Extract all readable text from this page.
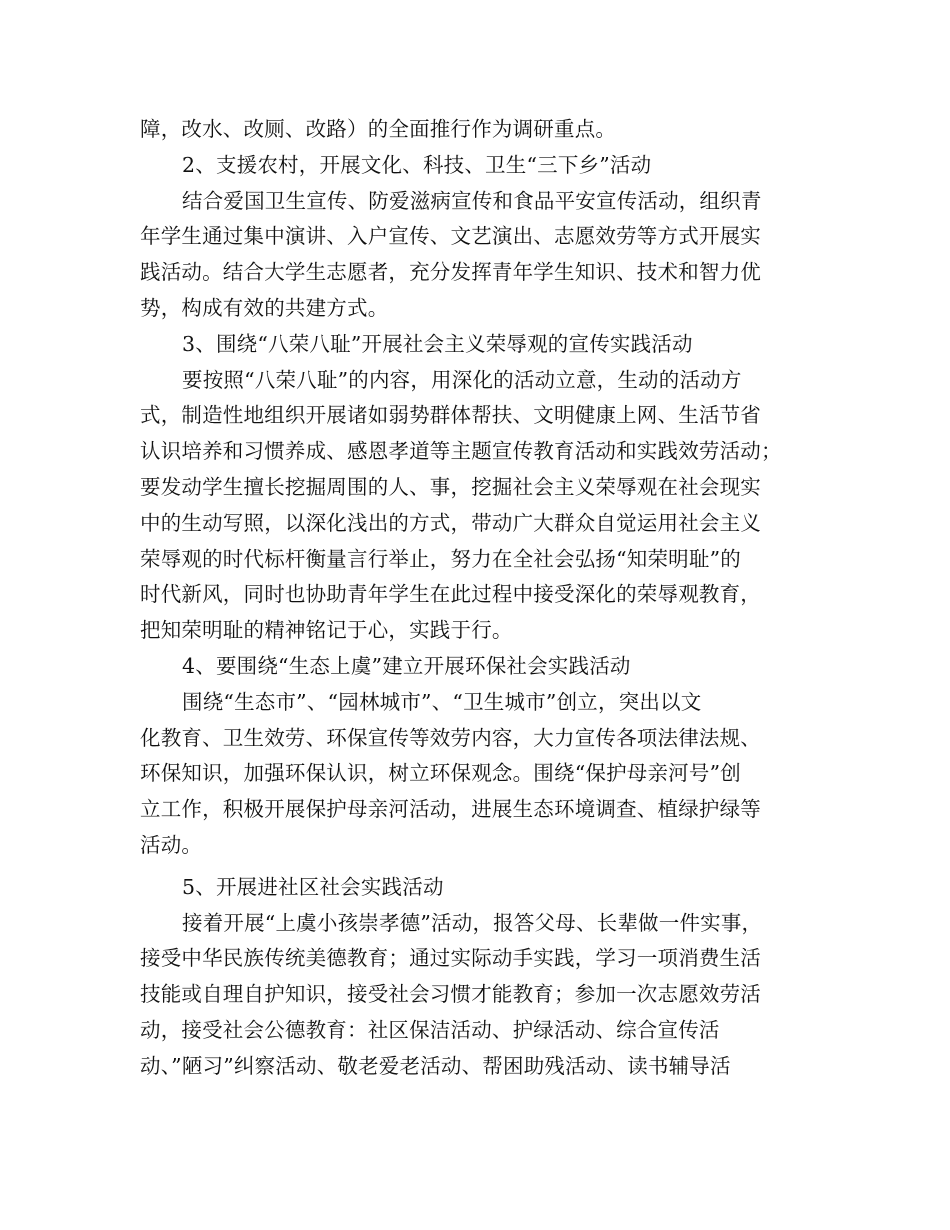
障，改水、改厕、改路）的全面推行作为调研重点。
2、支援农村，开展文化、科技、卫生“三下乡”活动
结合爱国卫生宣传、防爱滋病宣传和食品平安宣传活动，组织青
年学生通过集中演讲、入户宣传、文艺演出、志愿效劳等方式开展实
践活动。结合大学生志愿者，充分发挥青年学生知识、技术和智力优
势，构成有效的共建方式。
3、围绕“八荣八耻”开展社会主义荣辱观的宣传实践活动
要按照“八荣八耻”的内容，用深化的活动立意，生动的活动方
式，制造性地组织开展诸如弱势群体帮扶、文明健康上网、生活节省
认识培养和习惯养成、感恩孝道等主题宣传教育活动和实践效劳活动；
要发动学生擅长挖掘周围的人、事，挖掘社会主义荣辱观在社会现实
中的生动写照，以深化浅出的方式，带动广大群众自觉运用社会主义
荣辱观的时代标杆衡量言行举止，努力在全社会弘扬“知荣明耻”的
时代新风，同时也协助青年学生在此过程中接受深化的荣辱观教育，
把知荣明耻的精神铭记于心，实践于行。
4、要围绕“生态上虞”建立开展环保社会实践活动
围绕“生态市”、“园林城市”、“卫生城市”创立，突出以文
化教育、卫生效劳、环保宣传等效劳内容，大力宣传各项法律法规、
环保知识，加强环保认识，树立环保观念。围绕“保护母亲河号”创
立工作，积极开展保护母亲河活动，进展生态环境调查、植绿护绿等
活动。
5、开展进社区社会实践活动
接着开展“上虞小孩崇孝德”活动，报答父母、长辈做一件实事，
接受中华民族传统美德教育；通过实际动手实践，学习一项消费生活
技能或自理自护知识，接受社会习惯才能教育；参加一次志愿效劳活
动，接受社会公德教育：社区保洁活动、护绿活动、综合宣传活
动、”陋习”纠察活动、敬老爱老活动、帮困助残活动、读书辅导活
